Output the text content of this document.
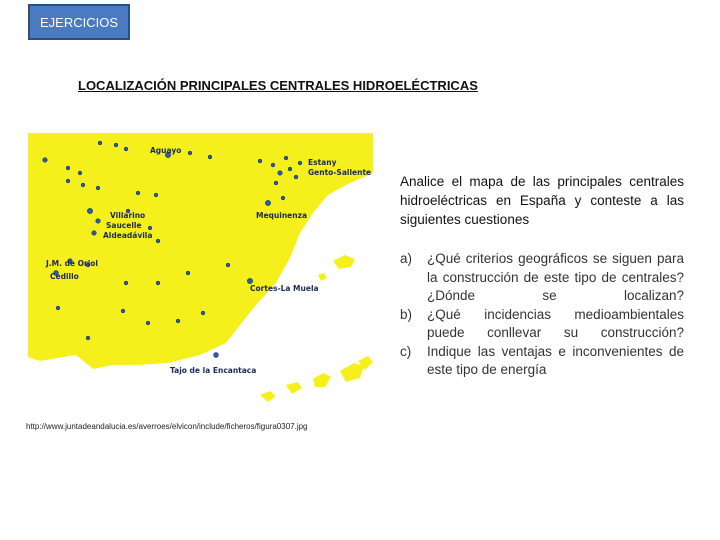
EJERCICIOS
LOCALIZACIÓN PRINCIPALES CENTRALES HIDROELÉCTRICAS
Aguayo
Estany
Gento-Sallente
Villarino
Saucelle
Aldeadávila
Mequinenza
J.M. de Oriol
Cedillo
Cortes-La Muela
Tajo de la Encantaca
http://www.juntadeandalucia.es/averroes/elvicon/include/ficheros/figura0307.jpg
Analice el mapa de las principales centrales hidroeléctricas en España y conteste a las siguientes cuestiones
a)	¿Qué criterios geográficos se siguen para la construcción de este tipo de centrales? ¿Dónde se localizan?
b)	¿Qué incidencias medioambientales puede conllevar su construcción?
c)	Indique las ventajas e inconvenientes de este tipo de energía
